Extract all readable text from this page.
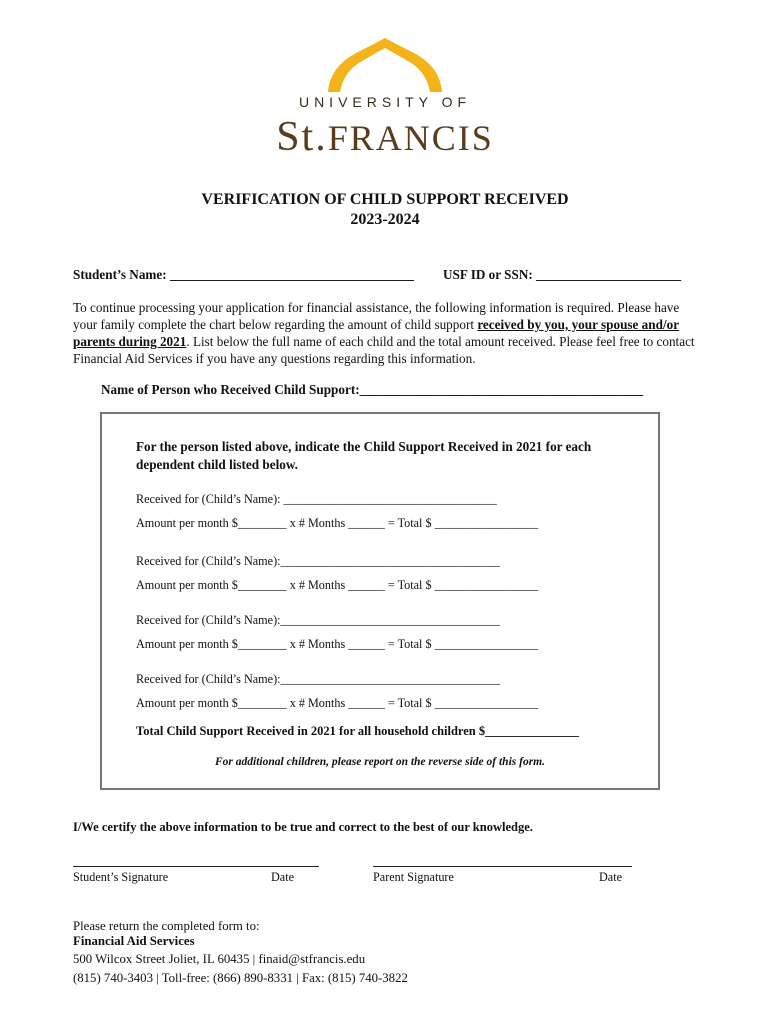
UNIVERSITY OF
St.FRANCIS
VERIFICATION OF CHILD SUPPORT RECEIVED
2023-2024
Student’s Name: _____________________________________ USF ID or SSN: ______________________
To continue processing your application for financial assistance, the following information is required. Please have your family complete the chart below regarding the amount of child support received by you, your spouse and/or parents during 2021. List below the full name of each child and the total amount received. Please feel free to contact Financial Aid Services if you have any questions regarding this information.
Name of Person who Received Child Support:___________________________________________
For the person listed above, indicate the Child Support Received in 2021 for each dependent child listed below.
Received for (Child’s Name): ___________________________________
Amount per month $________ x # Months ______ = Total $ _________________
Received for (Child’s Name):____________________________________
Amount per month $________ x # Months ______ = Total $ _________________
Received for (Child’s Name):____________________________________
Amount per month $________ x # Months ______ = Total $ _________________
Received for (Child’s Name):____________________________________
Amount per month $________ x # Months ______ = Total $ _________________
Total Child Support Received in 2021 for all household children $_______________
For additional children, please report on the reverse side of this form.
I/We certify the above information to be true and correct to the best of our knowledge.
Student’s Signature	Date	Parent Signature	Date
Please return the completed form to:
Financial Aid Services
500 Wilcox Street Joliet, IL 60435 | finaid@stfrancis.edu
(815) 740-3403 | Toll-free: (866) 890-8331 | Fax: (815) 740-3822
